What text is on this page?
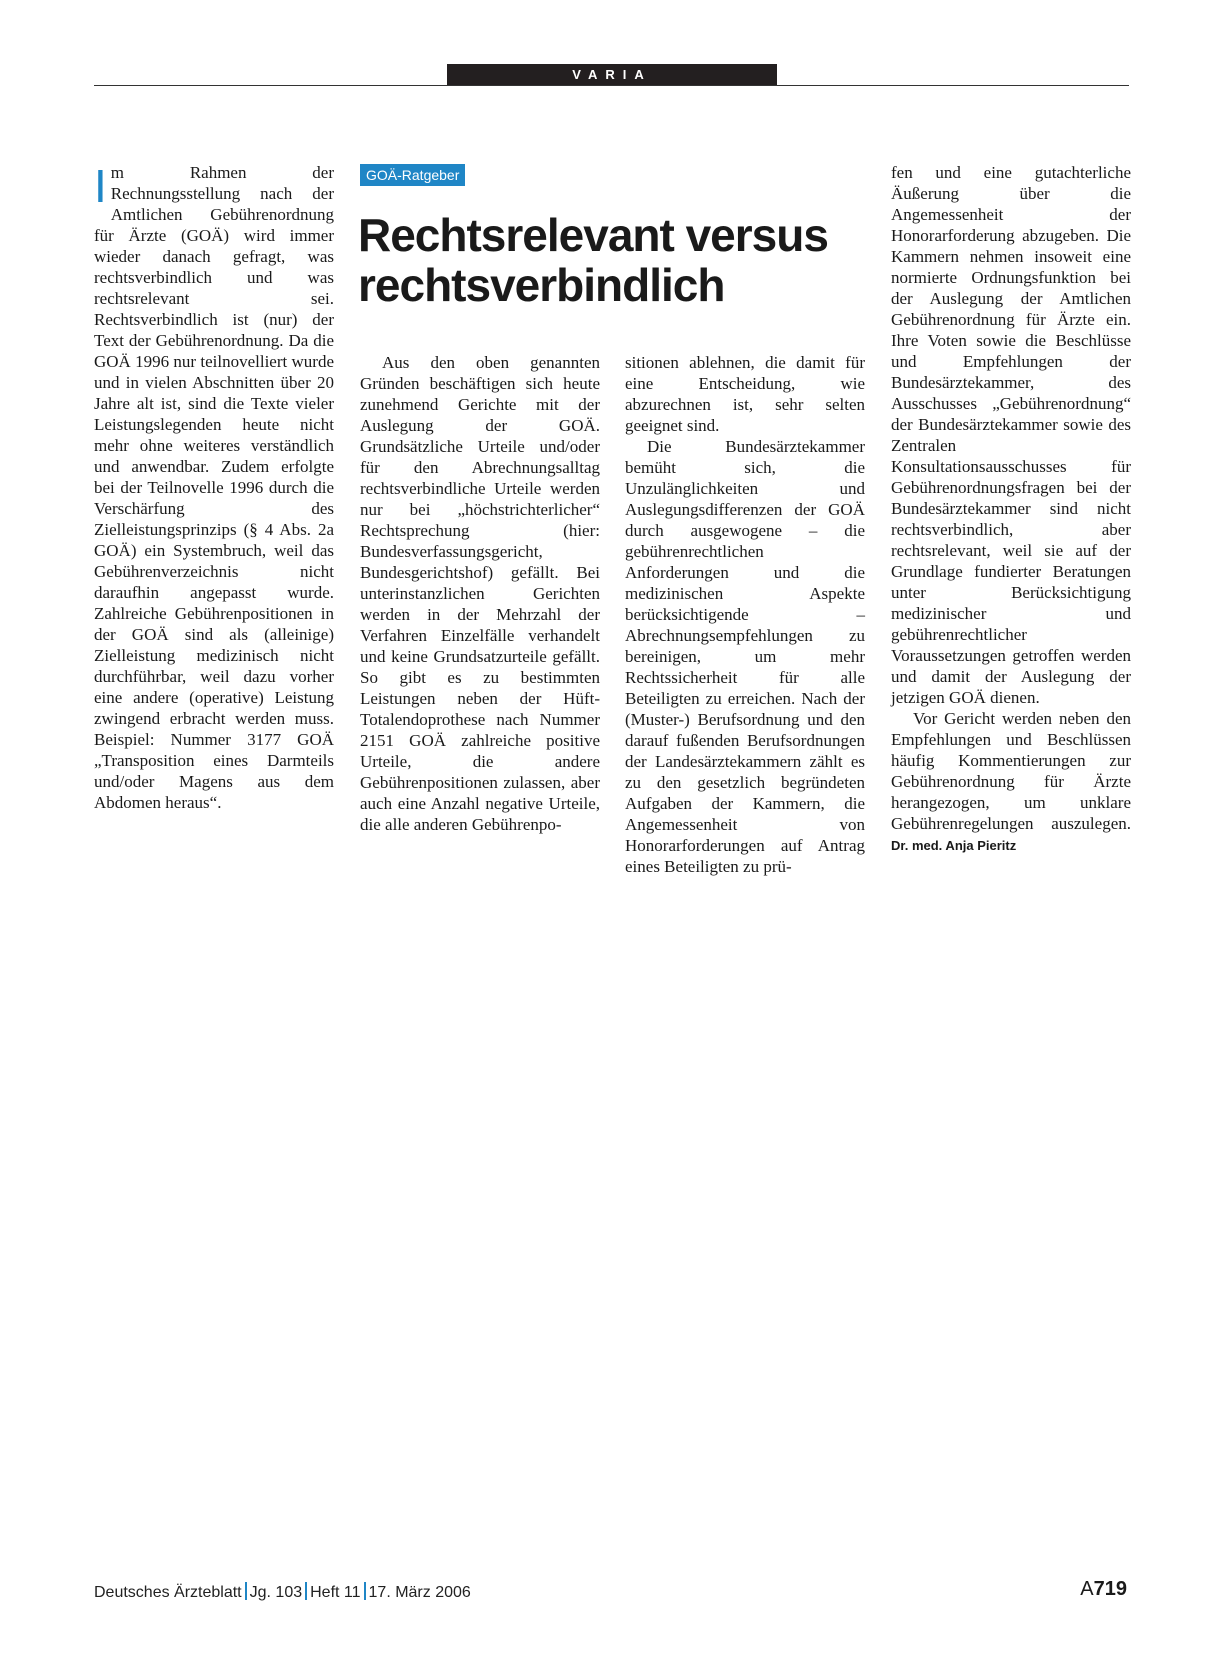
VARIA

Im Rahmen der Rechnungsstellung nach der Amtlichen Gebührenordnung für Ärzte (GOÄ) wird immer wieder danach gefragt, was rechtsverbindlich und was rechtsrelevant sei. Rechtsverbindlich ist (nur) der Text der Gebührenordnung. Da die GOÄ 1996 nur teilnovelliert wurde und in vielen Abschnitten über 20 Jahre alt ist, sind die Texte vieler Leistungslegenden heute nicht mehr ohne weiteres verständlich und anwendbar. Zudem erfolgte bei der Teilnovelle 1996 durch die Verschärfung des Zielleistungsprinzips (§ 4 Abs. 2a GOÄ) ein Systembruch, weil das Gebührenverzeichnis nicht daraufhin angepasst wurde. Zahlreiche Gebührenpositionen in der GOÄ sind als (alleinige) Zielleistung medizinisch nicht durchführbar, weil dazu vorher eine andere (operative) Leistung zwingend erbracht werden muss. Beispiel: Nummer 3177 GOÄ „Transposition eines Darmteils und/oder Magens aus dem Abdomen heraus“.

GOÄ-Ratgeber
Rechtsrelevant versus rechtsverbindlich

Aus den oben genannten Gründen beschäftigen sich heute zunehmend Gerichte mit der Auslegung der GOÄ. Grundsätzliche Urteile und/oder für den Abrechnungsalltag rechtsverbindliche Urteile werden nur bei „höchstrichterlicher“ Rechtsprechung (hier: Bundesverfassungsgericht, Bundesgerichtshof) gefällt. Bei unterinstanzlichen Gerichten werden in der Mehrzahl der Verfahren Einzelfälle verhandelt und keine Grundsatzurteile gefällt. So gibt es zu bestimmten Leistungen neben der Hüft-Totalendoprothese nach Nummer 2151 GOÄ zahlreiche positive Urteile, die andere Gebührenpositionen zulassen, aber auch eine Anzahl negative Urteile, die alle anderen Gebührenpo-

sitionen ablehnen, die damit für eine Entscheidung, wie abzurechnen ist, sehr selten geeignet sind.

Die Bundesärztekammer bemüht sich, die Unzulänglichkeiten und Auslegungsdifferenzen der GOÄ durch ausgewogene – die gebührenrechtlichen Anforderungen und die medizinischen Aspekte berücksichtigende – Abrechnungsempfehlungen zu bereinigen, um mehr Rechtssicherheit für alle Beteiligten zu erreichen. Nach der (Muster-) Berufsordnung und den darauf fußenden Berufsordnungen der Landesärztekammern zählt es zu den gesetzlich begründeten Aufgaben der Kammern, die Angemessenheit von Honorarforderungen auf Antrag eines Beteiligten zu prü-

fen und eine gutachterliche Äußerung über die Angemessenheit der Honorarforderung abzugeben. Die Kammern nehmen insoweit eine normierte Ordnungsfunktion bei der Auslegung der Amtlichen Gebührenordnung für Ärzte ein. Ihre Voten sowie die Beschlüsse und Empfehlungen der Bundesärztekammer, des Ausschusses „Gebührenordnung“ der Bundesärztekammer sowie des Zentralen Konsultationsausschusses für Gebührenordnungsfragen bei der Bundesärztekammer sind nicht rechtsverbindlich, aber rechtsrelevant, weil sie auf der Grundlage fundierter Beratungen unter Berücksichtigung medizinischer und gebührenrechtlicher Voraussetzungen getroffen werden und damit der Auslegung der jetzigen GOÄ dienen.

Vor Gericht werden neben den Empfehlungen und Beschlüssen häufig Kommentierungen zur Gebührenordnung für Ärzte herangezogen, um unklare Gebührenregelungen auszulegen. Dr. med. Anja Pieritz

Deutsches Ärzteblatt Jg. 103 Heft 11 17. März 2006	A719
